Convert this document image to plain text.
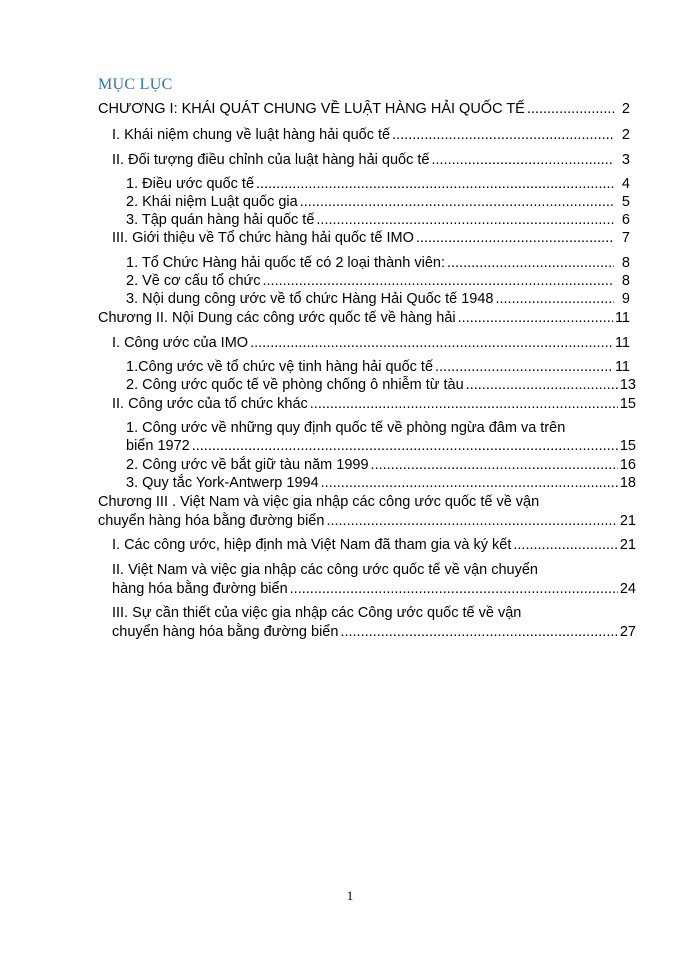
MỤC LỤC
CHƯƠNG I: KHÁI QUÁT CHUNG VỀ LUẬT HÀNG HẢI QUỐC TẾ .....	2
I. Khái niệm chung về luật hàng hải quốc tế .....	2
II. Đối tượng điều chỉnh của luật hàng hải quốc tế .....	3
1. Điều ước quốc tế .....	4
2. Khái niệm Luật quốc gia .....	5
3. Tập quán hàng hải quốc tế .....	6
III. Giới thiệu về Tổ chức hàng hải quốc tế IMO .....	7
1. Tổ Chức Hàng hải quốc tế có 2 loại thành viên: .....	8
2. Về cơ cấu tổ chức .....	8
3. Nội dung công ước về tổ chức Hàng Hải Quốc tế 1948 .....	9
Chương II. Nội Dung các công ước quốc tế về hàng hải .....	11
I. Công ước của IMO .....	11
1.Công ước về tổ chức vệ tinh hàng hải quốc tế .....	11
2. Công ước quốc tế về phòng chống ô nhiễm từ tàu .....	13
II. Công ước của tổ chức khác .....	15
1. Công ước về những quy định quốc tế về phòng ngừa đâm va trên
biển 1972 .....	15
2. Công ước về bắt giữ tàu năm 1999 .....	16
3. Quy tắc York-Antwerp 1994 .....	18
Chương III . Việt Nam và việc gia nhập các công ước quốc tế về vận
chuyển hàng hóa bằng đường biển .....	21
I. Các công ước, hiệp định mà Việt Nam đã tham gia và ký kết .....	21
II. Việt Nam và việc gia nhập các công ước quốc tế về vận chuyển
hàng hóa bằng đường biển .....	24
III. Sự cần thiết của việc gia nhập các Công ước quốc tế về vận
chuyển hàng hóa bằng đường biển .....	27
1
